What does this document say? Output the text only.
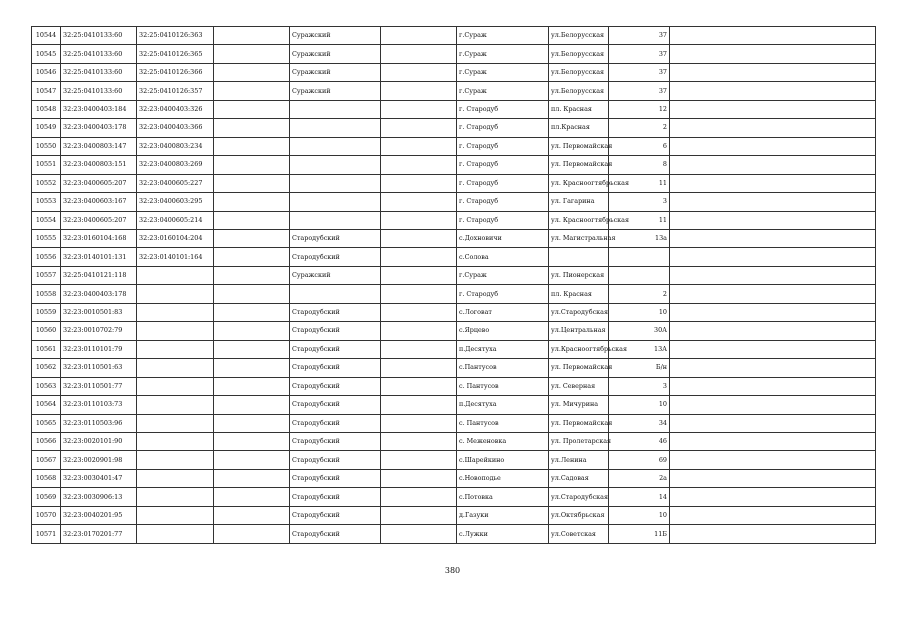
10544	32:25:0410133:60	32:25:0410126:363		Суражский		г.Сураж	ул.Белорусская	37			
10545	32:25:0410133:60	32:25:0410126:365		Суражский		г.Сураж	ул.Белорусская	37			
10546	32:25:0410133:60	32:25:0410126:366		Суражский		г.Сураж	ул.Белорусская	37			
10547	32:25:0410133:60	32:25:0410126:357		Суражский		г.Сураж	ул.Белорусская	37			
10548	32:23:0400403:184	32:23:0400403:326				г. Стародуб	пл. Красная	12			
10549	32:23:0400403:178	32:23:0400403:366				г. Стародуб	пл.Красная	2			
10550	32:23:0400803:147	32:23:0400803:234				г. Стародуб	ул. Первомайская	6			
10551	32:23:0400803:151	32:23:0400803:269				г. Стародуб	ул. Первомайская	8			
10552	32:23:0400605:207	32:23:0400605:227				г. Стародуб	ул. Красноогтябрьская	11			
10553	32:23:0400603:167	32:23:0400603:295				г. Стародуб	ул. Гагарина	3			
10554	32:23:0400605:207	32:23:0400605:214				г. Стародуб	ул. Красноогтябрьская	11			
10555	32:23:0160104:168	32:23:0160104:204		Стародубский		с.Дохновичи	ул. Магистральная	13а			
10556	32:23:0140101:131	32:23:0140101:164		Стародубский		с.Солова					
10557	32:25:0410121:118			Суражский		г.Сураж	ул. Пионерская				
10558	32:23:0400403:178					г. Стародуб	пл. Красная	2			
10559	32:23:0010501:83			Стародубский		с.Логоват	ул.Стародубская	10			
10560	32:23:0010702:79			Стародубский		с.Ярцево	ул.Центральная	30А			
10561	32:23:0110101:79			Стародубский		п.Десятуха	ул.Красноогтябрьская	13А			
10562	32:23:0110501:63			Стародубский		с.Пантусов	ул. Первомайская	Б/н			
10563	32:23:0110501:77			Стародубский		с. Пантусов	ул. Северная	3			
10564	32:23:0110103:73			Стародубский		п.Десятуха	ул. Мичурина	10			
10565	32:23:0110503:96			Стародубский		с. Пантусов	ул. Первомайская	34			
10566	32:23:0020101:90			Стародубский		с. Меженовка	ул. Пролетарская	46			
10567	32:23:0020901:98			Стародубский		с.Шарейкино	ул.Ленина	69			
10568	32:23:0030401:47			Стародубский		с.Новоподье	ул.Садовая	2а			
10569	32:23:0030906:13			Стародубский		с.Потовка	ул.Стародубская	14			
10570	32:23:0040201:95			Стародубский		д.Газуки	ул.Октябрьская	10			
10571	32:23:0170201:77			Стародубский		с.Лужки	ул.Советская	11Б			
380
